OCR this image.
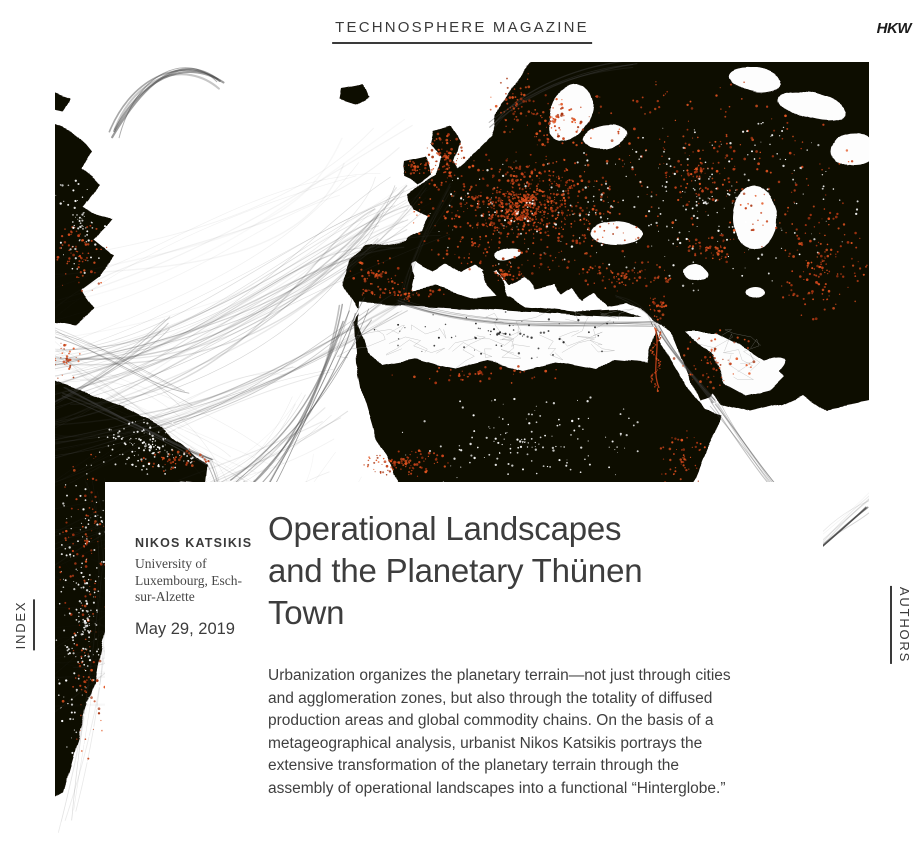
TECHNOSPHERE MAGAZINE	HKW
INDEX	AUTHORS
NIKOS KATSIKIS
University of Luxembourg, Esch-sur-Alzette
May 29, 2019
Operational Landscapes and the Planetary Thünen Town

Urbanization organizes the planetary terrain—not just through cities and agglomeration zones, but also through the totality of diffused production areas and global commodity chains. On the basis of a metageographical analysis, urbanist Nikos Katsikis portrays the extensive transformation of the planetary terrain through the assembly of operational landscapes into a functional “Hinterglobe.”
